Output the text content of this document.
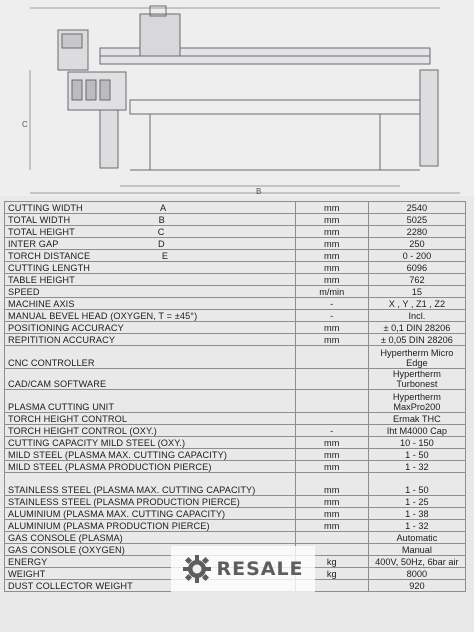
C
B
CUTTING WIDTH A	mm	2540
TOTAL WIDTH B	mm	5025
TOTAL HEIGHT C	mm	2280
INTER GAP D	mm	250
TORCH DISTANCE E	mm	0 - 200
CUTTING LENGTH	mm	6096
TABLE HEIGHT	mm	762
SPEED	m/min	15
MACHINE AXIS	-	X , Y , Z1 , Z2
MANUAL BEVEL HEAD (OXYGEN, T = ±45°)	-	Incl.
POSITIONING ACCURACY	mm	± 0,1 DIN 28206
REPITITION ACCURACY	mm	± 0,05 DIN 28206
CNC CONTROLLER		Hypertherm Micro Edge
CAD/CAM SOFTWARE		Hypertherm Turbonest
PLASMA CUTTING UNIT		Hypertherm MaxPro200
TORCH HEIGHT CONTROL		Ermak THC
TORCH HEIGHT CONTROL (OXY.)	-	Iht M4000 Cap
CUTTING CAPACITY MILD STEEL (OXY.)	mm	10 - 150
MILD STEEL (PLASMA MAX. CUTTING CAPACITY)	mm	1 - 50
MILD STEEL (PLASMA PRODUCTION PIERCE)	mm	1 - 32
STAINLESS STEEL (PLASMA MAX. CUTTING CAPACITY)	mm	1 - 50
STAINLESS STEEL (PLASMA PRODUCTION PIERCE)	mm	1 - 25
ALUMINIUM (PLASMA MAX. CUTTING CAPACITY)	mm	1 - 38
ALUMINIUM (PLASMA PRODUCTION PIERCE)	mm	1 - 32
GAS CONSOLE (PLASMA)		Automatic
GAS CONSOLE (OXYGEN)		Manual
ENERGY	kg	400V, 50Hz, 6bar air
WEIGHT	kg	8000
DUST COLLECTOR WEIGHT		920
RESALE
